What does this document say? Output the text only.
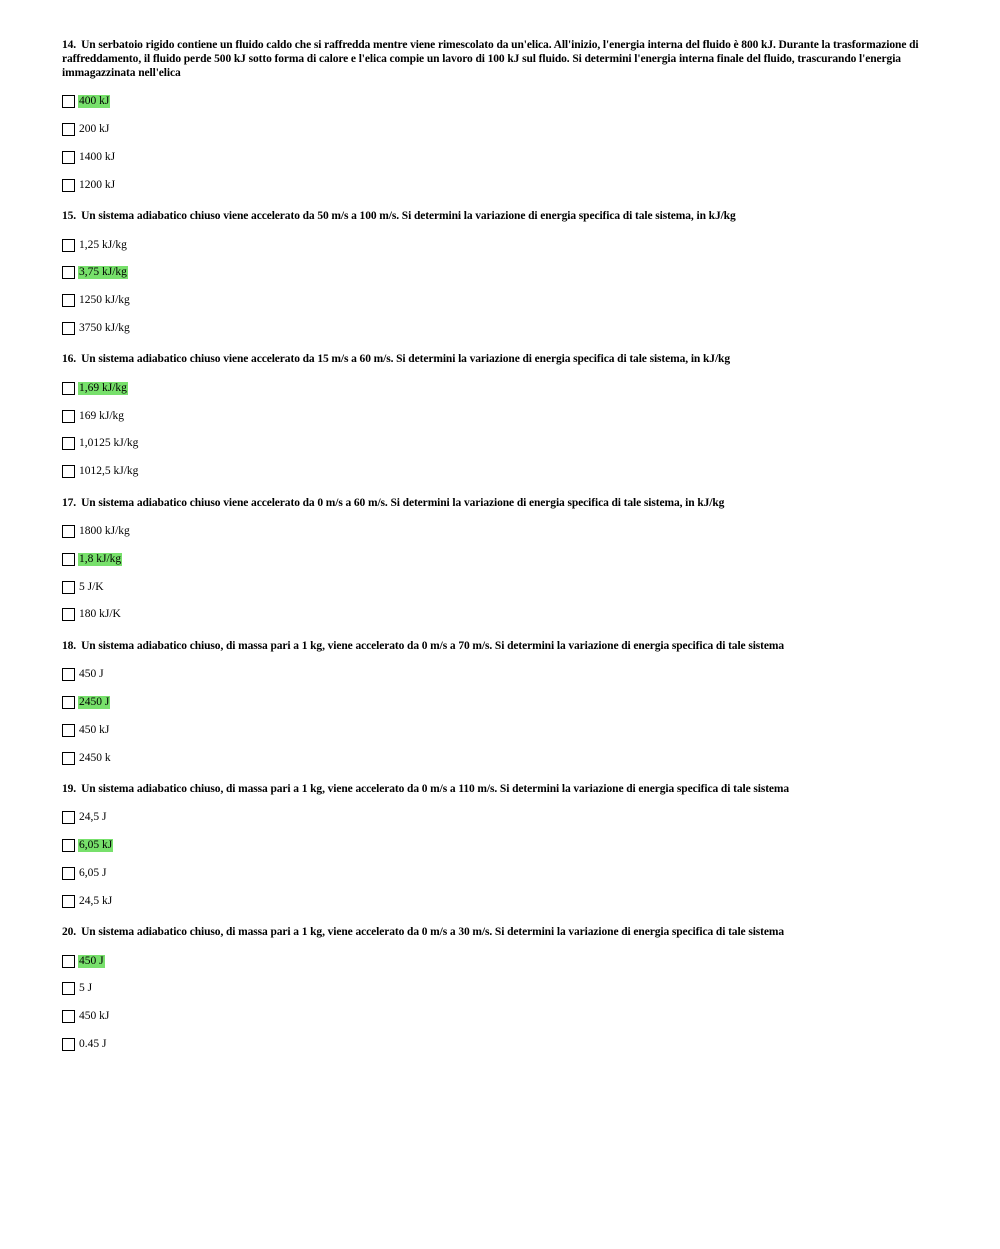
14. Un serbatoio rigido contiene un fluido caldo che si raffredda mentre viene rimescolato da un'elica. All'inizio, l'energia interna del fluido è 800 kJ. Durante la trasformazione di raffreddamento, il fluido perde 500 kJ sotto forma di calore e l'elica compie un lavoro di 100 kJ sul fluido. Si determini l'energia interna finale del fluido, trascurando l'energia immagazzinata nell'elica
400 kJ
200 kJ
1400 kJ
1200 kJ
15. Un sistema adiabatico chiuso viene accelerato da 50 m/s a 100 m/s. Si determini la variazione di energia specifica di tale sistema, in kJ/kg
1,25 kJ/kg
3,75 kJ/kg
1250 kJ/kg
3750 kJ/kg
16. Un sistema adiabatico chiuso viene accelerato da 15 m/s a 60 m/s. Si determini la variazione di energia specifica di tale sistema, in kJ/kg
1,69 kJ/kg
169 kJ/kg
1,0125 kJ/kg
1012,5 kJ/kg
17. Un sistema adiabatico chiuso viene accelerato da 0 m/s a 60 m/s. Si determini la variazione di energia specifica di tale sistema, in kJ/kg
1800 kJ/kg
1,8 kJ/kg
5 J/K
180 kJ/K
18. Un sistema adiabatico chiuso, di massa pari a 1 kg, viene accelerato da 0 m/s a 70 m/s. Si determini la variazione di energia specifica di tale sistema
450 J
2450 J
450 kJ
2450 k
19. Un sistema adiabatico chiuso, di massa pari a 1 kg, viene accelerato da 0 m/s a 110 m/s. Si determini la variazione di energia specifica di tale sistema
24,5 J
6,05 kJ
6,05 J
24,5 kJ
20. Un sistema adiabatico chiuso, di massa pari a 1 kg, viene accelerato da 0 m/s a 30 m/s. Si determini la variazione di energia specifica di tale sistema
450 J
5 J
450 kJ
0.45 J
